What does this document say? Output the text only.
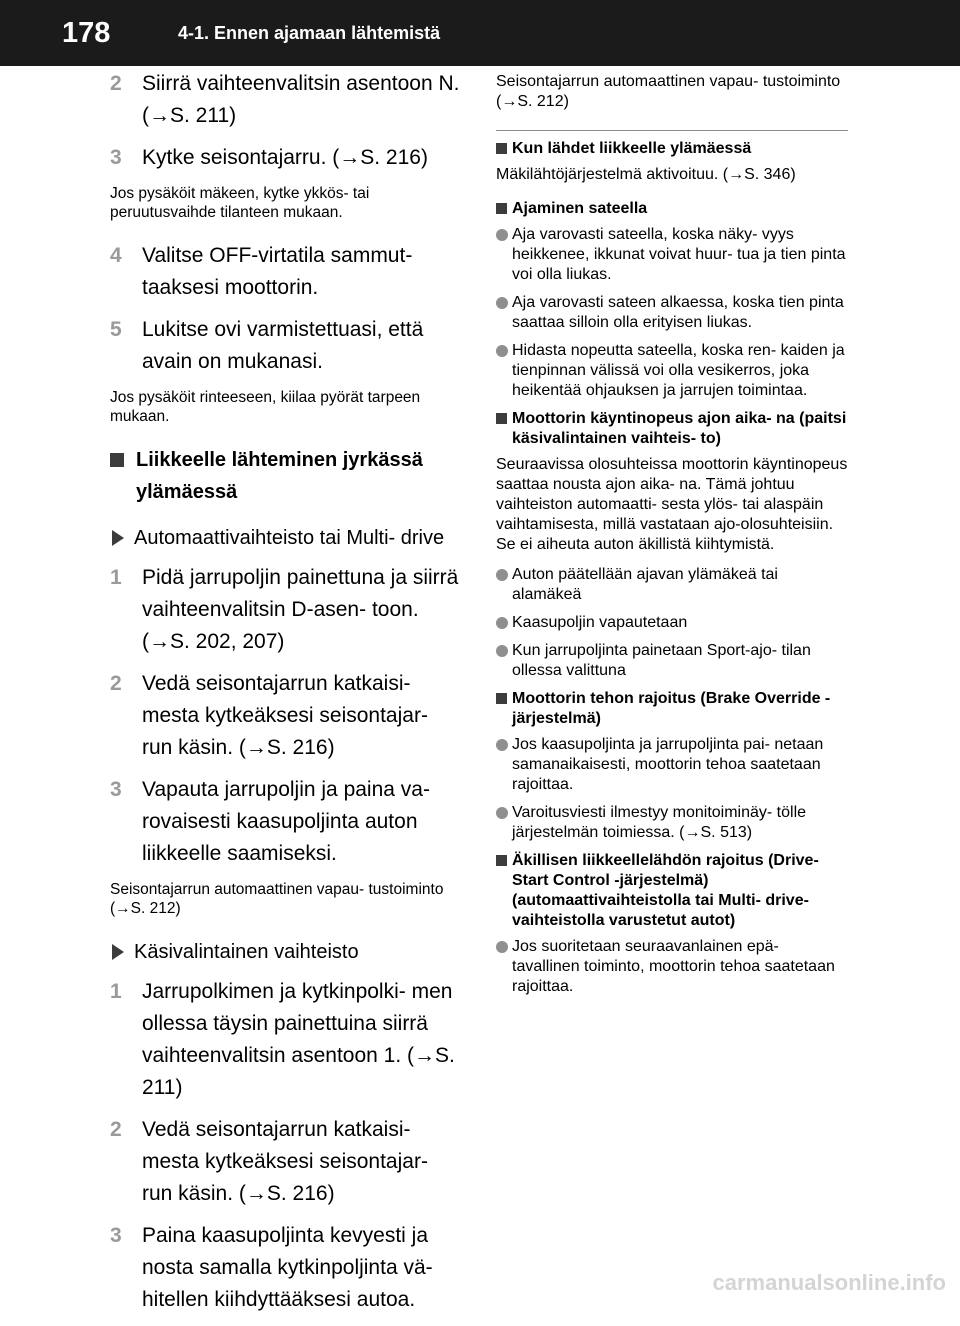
178	4-1. Ennen ajamaan lähtemistä
2 Siirrä vaihteenvalitsin asentoon N. (→S. 211)
3 Kytke seisontajarru. (→S. 216)
Jos pysäköit mäkeen, kytke ykkös- tai peruutusvaihde tilanteen mukaan.
4 Valitse OFF-virtatila sammut- taaksesi moottorin.
5 Lukitse ovi varmistettuasi, että avain on mukanasi.
Jos pysäköit rinteeseen, kiilaa pyörät tarpeen mukaan.
Liikkeelle lähteminen jyrkässä ylämäessä
Automaattivaihteisto tai Multi- drive
1 Pidä jarrupoljin painettuna ja siirrä vaihteenvalitsin D-asen- toon. (→S. 202, 207)
2 Vedä seisontajarrun katkaisi- mesta kytkeäksesi seisontajar- run käsin. (→S. 216)
3 Vapauta jarrupoljin ja paina va- rovaisesti kaasupoljinta auton liikkeelle saamiseksi.
Seisontajarrun automaattinen vapau- tustoiminto (→S. 212)
Käsivalintainen vaihteisto
1 Jarrupolkimen ja kytkinpolki- men ollessa täysin painettuina siirrä vaihteenvalitsin asentoon 1. (→S. 211)
2 Vedä seisontajarrun katkaisi- mesta kytkeäksesi seisontajar- run käsin. (→S. 216)
3 Paina kaasupoljinta kevyesti ja nosta samalla kytkinpoljinta vä- hitellen kiihdyttääksesi autoa.
Seisontajarrun automaattinen vapau- tustoiminto (→S. 212)
Kun lähdet liikkeelle ylämäessä
Mäkilähtöjärjestelmä aktivoituu. (→S. 346)
Ajaminen sateella
Aja varovasti sateella, koska näky- vyys heikkenee, ikkunat voivat huur- tua ja tien pinta voi olla liukas.
Aja varovasti sateen alkaessa, koska tien pinta saattaa silloin olla erityisen liukas.
Hidasta nopeutta sateella, koska ren- kaiden ja tienpinnan välissä voi olla vesikerros, joka heikentää ohjauksen ja jarrujen toimintaa.
Moottorin käyntinopeus ajon aika- na (paitsi käsivalintainen vaihteis- to)
Seuraavissa olosuhteissa moottorin käyntinopeus saattaa nousta ajon aika- na. Tämä johtuu vaihteiston automaatti- sesta ylös- tai alaspäin vaihtamisesta, millä vastataan ajo-olosuhteisiin. Se ei aiheuta auton äkillistä kiihtymistä.
Auton päätellään ajavan ylämäkeä tai alamäkeä
Kaasupoljin vapautetaan
Kun jarrupoljinta painetaan Sport-ajo- tilan ollessa valittuna
Moottorin tehon rajoitus (Brake Override -järjestelmä)
Jos kaasupoljinta ja jarrupoljinta pai- netaan samanaikaisesti, moottorin tehoa saatetaan rajoittaa.
Varoitusviesti ilmestyy monitoiminäy- tölle järjestelmän toimiessa. (→S. 513)
Äkillisen liikkeellelähdön rajoitus (Drive-Start Control -järjestelmä) (automaattivaihteistolla tai Multi- drive-vaihteistolla varustetut autot)
Jos suoritetaan seuraavanlainen epä- tavallinen toiminto, moottorin tehoa saatetaan rajoittaa.
carmanualsonline.info
